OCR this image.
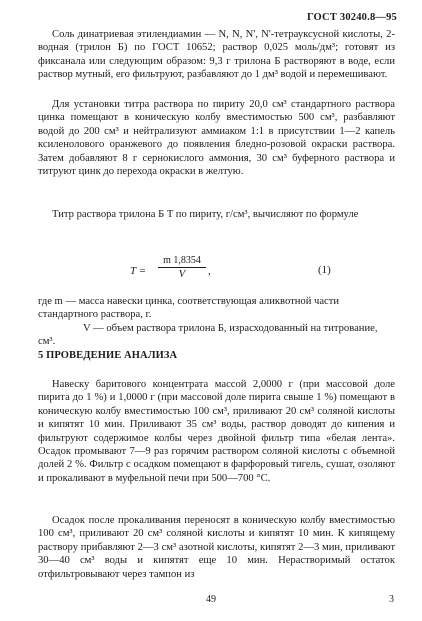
ГОСТ 30240.8—95

Соль динатриевая этилендиамин — N, N, N', N'-тетрауксусной кислоты, 2-водная (трилон Б) по ГОСТ 10652; раствор 0,025 моль/дм³; готовят из фиксанала или следующим образом: 9,3 г трилона Б растворяют в воде, если раствор мутный, его фильтруют, разбавляют до 1 дм³ водой и перемешивают.

Для установки титра раствора по пириту 20,0 см³ стандартного раствора цинка помещают в коническую колбу вместимостью 500 см³, разбавляют водой до 200 см³ и нейтрализуют аммиаком 1:1 в присутствии 1—2 капель ксиленолового оранжевого до появления бледно-розовой окраски раствора. Затем добавляют 8 г сернокислого аммония, 30 см³ буферного раствора и титруют цинк до перехода окраски в желтую.

Титр раствора трилона Б T по пириту, г/см³, вычисляют по формуле

$T = \frac{m 1,8354}{V}$ ,	(1)
где m — масса навески цинка, соответствующая аликвотной части
стандартного раствора, г.
V — объем раствора трилона Б, израсходованный на титрование,
см³.
5 ПРОВЕДЕНИЕ АНАЛИЗА

Навеску баритового концентрата массой 2,0000 г (при массовой доле пирита до 1 %) и 1,0000 г (при массовой доле пирита свыше 1 %) помещают в коническую колбу вместимостью 100 см³, приливают 20 см³ соляной кислоты и кипятят 10 мин. Приливают 35 см³ воды, раствор доводят до кипения и фильтруют содержимое колбы через двойной фильтр типа «белая лента». Осадок промывают 7—9 раз горячим раствором соляной кислоты с объемной долей 2 %. Фильтр с осадком помещают в фарфоровый тигель, сушат, озоляют и прокаливают в муфельной печи при 500—700 °С.

Осадок после прокаливания переносят в коническую колбу вместимостью 100 см³, приливают 20 см³ соляной кислоты и кипятят 10 мин. К кипящему раствору прибавляют 2—3 см³ азотной кислоты, кипятят 2—3 мин, приливают 30—40 см³ воды и кипятят еще 10 мин. Нерастворимый остаток отфильтровывают через тампон из

49	3
